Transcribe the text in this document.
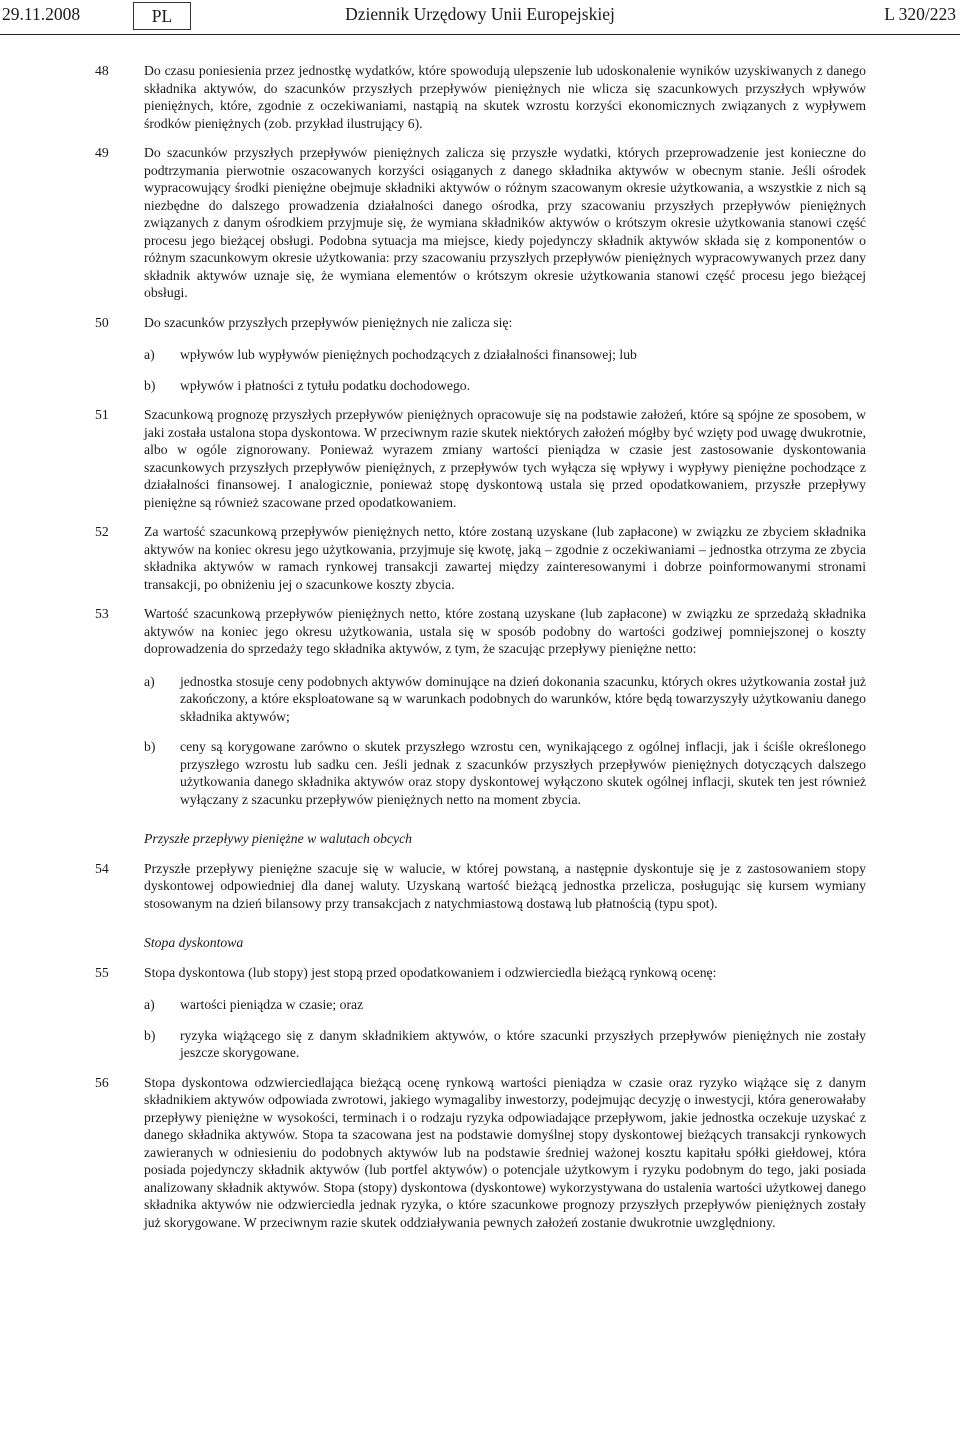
29.11.2008	PL	Dziennik Urzędowy Unii Europejskiej	L 320/223
48	Do czasu poniesienia przez jednostkę wydatków, które spowodują ulepszenie lub udoskonalenie wyników uzyskiwanych z danego składnika aktywów, do szacunków przyszłych przepływów pieniężnych nie wlicza się szacunkowych przyszłych wpływów pieniężnych, które, zgodnie z oczekiwaniami, nastąpią na skutek wzrostu korzyści ekonomicznych związanych z wypływem środków pieniężnych (zob. przykład ilustrujący 6).

49	Do szacunków przyszłych przepływów pieniężnych zalicza się przyszłe wydatki, których przeprowadzenie jest konieczne do podtrzymania pierwotnie oszacowanych korzyści osiąganych z danego składnika aktywów w obecnym stanie. Jeśli ośrodek wypracowujący środki pieniężne obejmuje składniki aktywów o różnym szacowanym okresie użytkowania, a wszystkie z nich są niezbędne do dalszego prowadzenia działalności danego ośrodka, przy szacowaniu przyszłych przepływów pieniężnych związanych z danym ośrodkiem przyjmuje się, że wymiana składników aktywów o krótszym okresie użytkowania stanowi część procesu jego bieżącej obsługi. Podobna sytuacja ma miejsce, kiedy pojedynczy składnik aktywów składa się z komponentów o różnym szacunkowym okresie użytkowania: przy szacowaniu przyszłych przepływów pieniężnych wypracowywanych przez dany składnik aktywów uznaje się, że wymiana elementów o krótszym okresie użytkowania stanowi część procesu jego bieżącej obsługi.

50	Do szacunków przyszłych przepływów pieniężnych nie zalicza się:

a) wpływów lub wypływów pieniężnych pochodzących z działalności finansowej; lub
b) wpływów i płatności z tytułu podatku dochodowego.
51	Szacunkową prognozę przyszłych przepływów pieniężnych opracowuje się na podstawie założeń, które są spójne ze sposobem, w jaki została ustalona stopa dyskontowa. W przeciwnym razie skutek niektórych założeń mógłby być wzięty pod uwagę dwukrotnie, albo w ogóle zignorowany. Ponieważ wyrazem zmiany wartości pieniądza w czasie jest zastosowanie dyskontowania szacunkowych przyszłych przepływów pieniężnych, z przepływów tych wyłącza się wpływy i wypływy pieniężne pochodzące z działalności finansowej. I analogicznie, ponieważ stopę dyskontową ustala się przed opodatkowaniem, przyszłe przepływy pieniężne są również szacowane przed opodatkowaniem.

52	Za wartość szacunkową przepływów pieniężnych netto, które zostaną uzyskane (lub zapłacone) w związku ze zbyciem składnika aktywów na koniec okresu jego użytkowania, przyjmuje się kwotę, jaką – zgodnie z oczekiwaniami – jednostka otrzyma ze zbycia składnika aktywów w ramach rynkowej transakcji zawartej między zainteresowanymi i dobrze poinformowanymi stronami transakcji, po obniżeniu jej o szacunkowe koszty zbycia.

53	Wartość szacunkową przepływów pieniężnych netto, które zostaną uzyskane (lub zapłacone) w związku ze sprzedażą składnika aktywów na koniec jego okresu użytkowania, ustala się w sposób podobny do wartości godziwej pomniejszonej o koszty doprowadzenia do sprzedaży tego składnika aktywów, z tym, że szacując przepływy pieniężne netto:

a) jednostka stosuje ceny podobnych aktywów dominujące na dzień dokonania szacunku, których okres użytkowania został już zakończony, a które eksploatowane są w warunkach podobnych do warunków, które będą towarzyszyły użytkowaniu danego składnika aktywów;
b) ceny są korygowane zarówno o skutek przyszłego wzrostu cen, wynikającego z ogólnej inflacji, jak i ściśle określonego przyszłego wzrostu lub sadku cen. Jeśli jednak z szacunków przyszłych przepływów pieniężnych dotyczących dalszego użytkowania danego składnika aktywów oraz stopy dyskontowej wyłączono skutek ogólnej inflacji, skutek ten jest również wyłączany z szacunku przepływów pieniężnych netto na moment zbycia.
Przyszłe przepływy pieniężne w walutach obcych
54	Przyszłe przepływy pieniężne szacuje się w walucie, w której powstaną, a następnie dyskontuje się je z zastosowaniem stopy dyskontowej odpowiedniej dla danej waluty. Uzyskaną wartość bieżącą jednostka przelicza, posługując się kursem wymiany stosowanym na dzień bilansowy przy transakcjach z natychmiastową dostawą lub płatnością (typu spot).

Stopa dyskontowa
55	Stopa dyskontowa (lub stopy) jest stopą przed opodatkowaniem i odzwierciedla bieżącą rynkową ocenę:

a) wartości pieniądza w czasie; oraz
b) ryzyka wiążącego się z danym składnikiem aktywów, o które szacunki przyszłych przepływów pieniężnych nie zostały jeszcze skorygowane.
56	Stopa dyskontowa odzwierciedlająca bieżącą ocenę rynkową wartości pieniądza w czasie oraz ryzyko wiążące się z danym składnikiem aktywów odpowiada zwrotowi, jakiego wymagaliby inwestorzy, podejmując decyzję o inwestycji, która generowałaby przepływy pieniężne w wysokości, terminach i o rodzaju ryzyka odpowiadające przepływom, jakie jednostka oczekuje uzyskać z danego składnika aktywów. Stopa ta szacowana jest na podstawie domyślnej stopy dyskontowej bieżących transakcji rynkowych zawieranych w odniesieniu do podobnych aktywów lub na podstawie średniej ważonej kosztu kapitału spółki giełdowej, która posiada pojedynczy składnik aktywów (lub portfel aktywów) o potencjale użytkowym i ryzyku podobnym do tego, jaki posiada analizowany składnik aktywów. Stopa (stopy) dyskontowa (dyskontowe) wykorzystywana do ustalenia wartości użytkowej danego składnika aktywów nie odzwierciedla jednak ryzyka, o które szacunkowe prognozy przyszłych przepływów pieniężnych zostały już skorygowane. W przeciwnym razie skutek oddziaływania pewnych założeń zostanie dwukrotnie uwzględniony.
